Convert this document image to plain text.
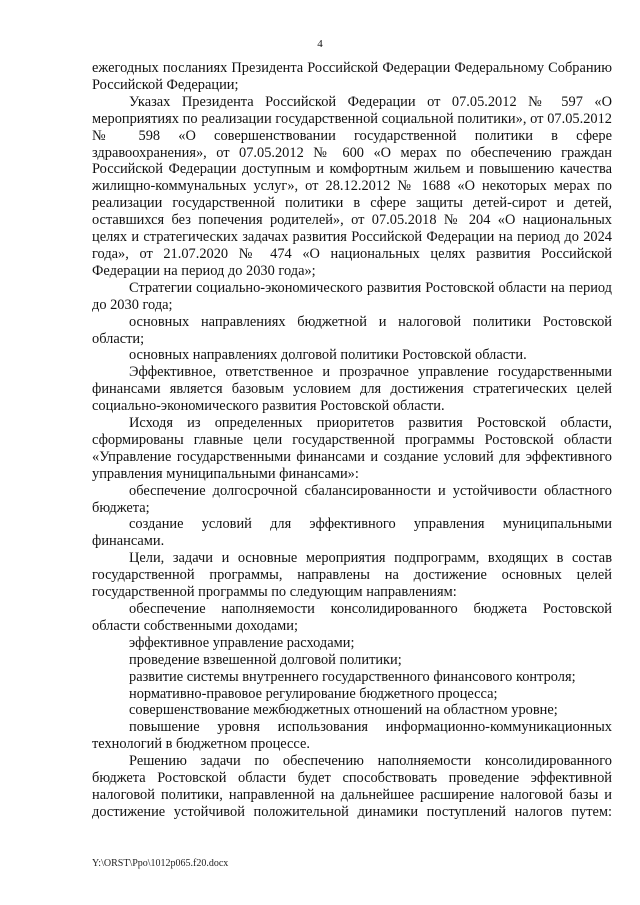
4

ежегодных посланиях Президента Российской Федерации Федеральному Собранию Российской Федерации;

Указах Президента Российской Федерации от 07.05.2012 № 597 «О мероприятиях по реализации государственной социальной политики», от 07.05.2012 № 598 «О совершенствовании государственной политики в сфере здравоохранения», от 07.05.2012 № 600 «О мерах по обеспечению граждан Российской Федерации доступным и комфортным жильем и повышению качества жилищно-коммунальных услуг», от 28.12.2012 № 1688 «О некоторых мерах по реализации государственной политики в сфере защиты детей-сирот и детей, оставшихся без попечения родителей», от 07.05.2018 № 204 «О национальных целях и стратегических задачах развития Российской Федерации на период до 2024 года», от 21.07.2020 № 474 «О национальных целях развития Российской Федерации на период до 2030 года»;

Стратегии социально-экономического развития Ростовской области на период до 2030 года;

основных направлениях бюджетной и налоговой политики Ростовской области;

основных направлениях долговой политики Ростовской области.

Эффективное, ответственное и прозрачное управление государственными финансами является базовым условием для достижения стратегических целей социально-экономического развития Ростовской области.

Исходя из определенных приоритетов развития Ростовской области, сформированы главные цели государственной программы Ростовской области «Управление государственными финансами и создание условий для эффективного управления муниципальными финансами»:

обеспечение долгосрочной сбалансированности и устойчивости областного бюджета;

создание условий для эффективного управления муниципальными финансами.

Цели, задачи и основные мероприятия подпрограмм, входящих в состав государственной программы, направлены на достижение основных целей государственной программы по следующим направлениям:

обеспечение наполняемости консолидированного бюджета Ростовской области собственными доходами;

эффективное управление расходами;

проведение взвешенной долговой политики;

развитие системы внутреннего государственного финансового контроля;

нормативно-правовое регулирование бюджетного процесса;

совершенствование межбюджетных отношений на областном уровне;

повышение уровня использования информационно-коммуникационных технологий в бюджетном процессе.

Решению задачи по обеспечению наполняемости консолидированного бюджета Ростовской области будет способствовать проведение эффективной налоговой политики, направленной на дальнейшее расширение налоговой базы и достижение устойчивой положительной динамики поступлений налогов путем:

Y:\ORST\Ppo\1012p065.f20.docx
